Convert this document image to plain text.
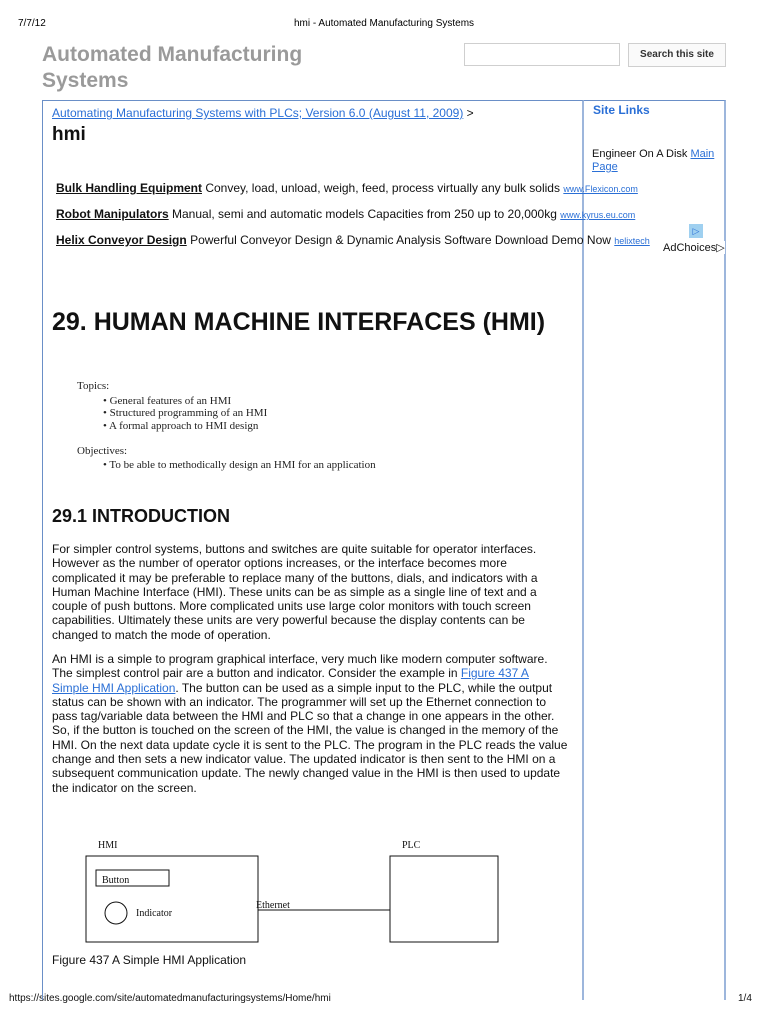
7/7/12	hmi - Automated Manufacturing Systems
https://sites.google.com/site/automatedmanufacturingsystems/Home/hmi	1/4
Automated Manufacturing Systems
Search this site
Automating Manufacturing Systems with PLCs; Version 6.0 (August 11, 2009) >
hmi
Site Links
Engineer On A Disk Main Page
Bulk Handling Equipment Convey, load, unload, weigh, feed, process virtually any bulk solids www.Flexicon.com
Robot Manipulators Manual, semi and automatic models Capacities from 250 up to 20,000kg www.kyrus.eu.com
Helix Conveyor Design Powerful Conveyor Design & Dynamic Analysis Software Download Demo Now helixtech
▷
AdChoices▷
29. HUMAN MACHINE INTERFACES (HMI)
Topics:
• General features of an HMI
• Structured programming of an HMI
• A formal approach to HMI design
Objectives:
• To be able to methodically design an HMI for an application
29.1 INTRODUCTION
For simpler control systems, buttons and switches are quite suitable for operator interfaces. However as the number of operator options increases, or the interface becomes more complicated it may be preferable to replace many of the buttons, dials, and indicators with a Human Machine Interface (HMI). These units can be as simple as a single line of text and a couple of push buttons. More complicated units use large color monitors with touch screen capabilities. Ultimately these units are very powerful because the display contents can be changed to match the mode of operation.
An HMI is a simple to program graphical interface, very much like modern computer software. The simplest control pair are a button and indicator. Consider the example in Figure 437 A Simple HMI Application. The button can be used as a simple input to the PLC, while the output status can be shown with an indicator. The programmer will set up the Ethernet connection to pass tag/variable data between the HMI and PLC so that a change in one appears in the other. So, if the button is touched on the screen of the HMI, the value is changed in the memory of the HMI. On the next data update cycle it is sent to the PLC. The program in the PLC reads the value change and then sets a new indicator value. The updated indicator is then sent to the HMI on a subsequent communication update. The newly changed value in the HMI is then used to update the indicator on the screen.
HMI
Button
Indicator
Ethernet
PLC
Figure 437 A Simple HMI Application
